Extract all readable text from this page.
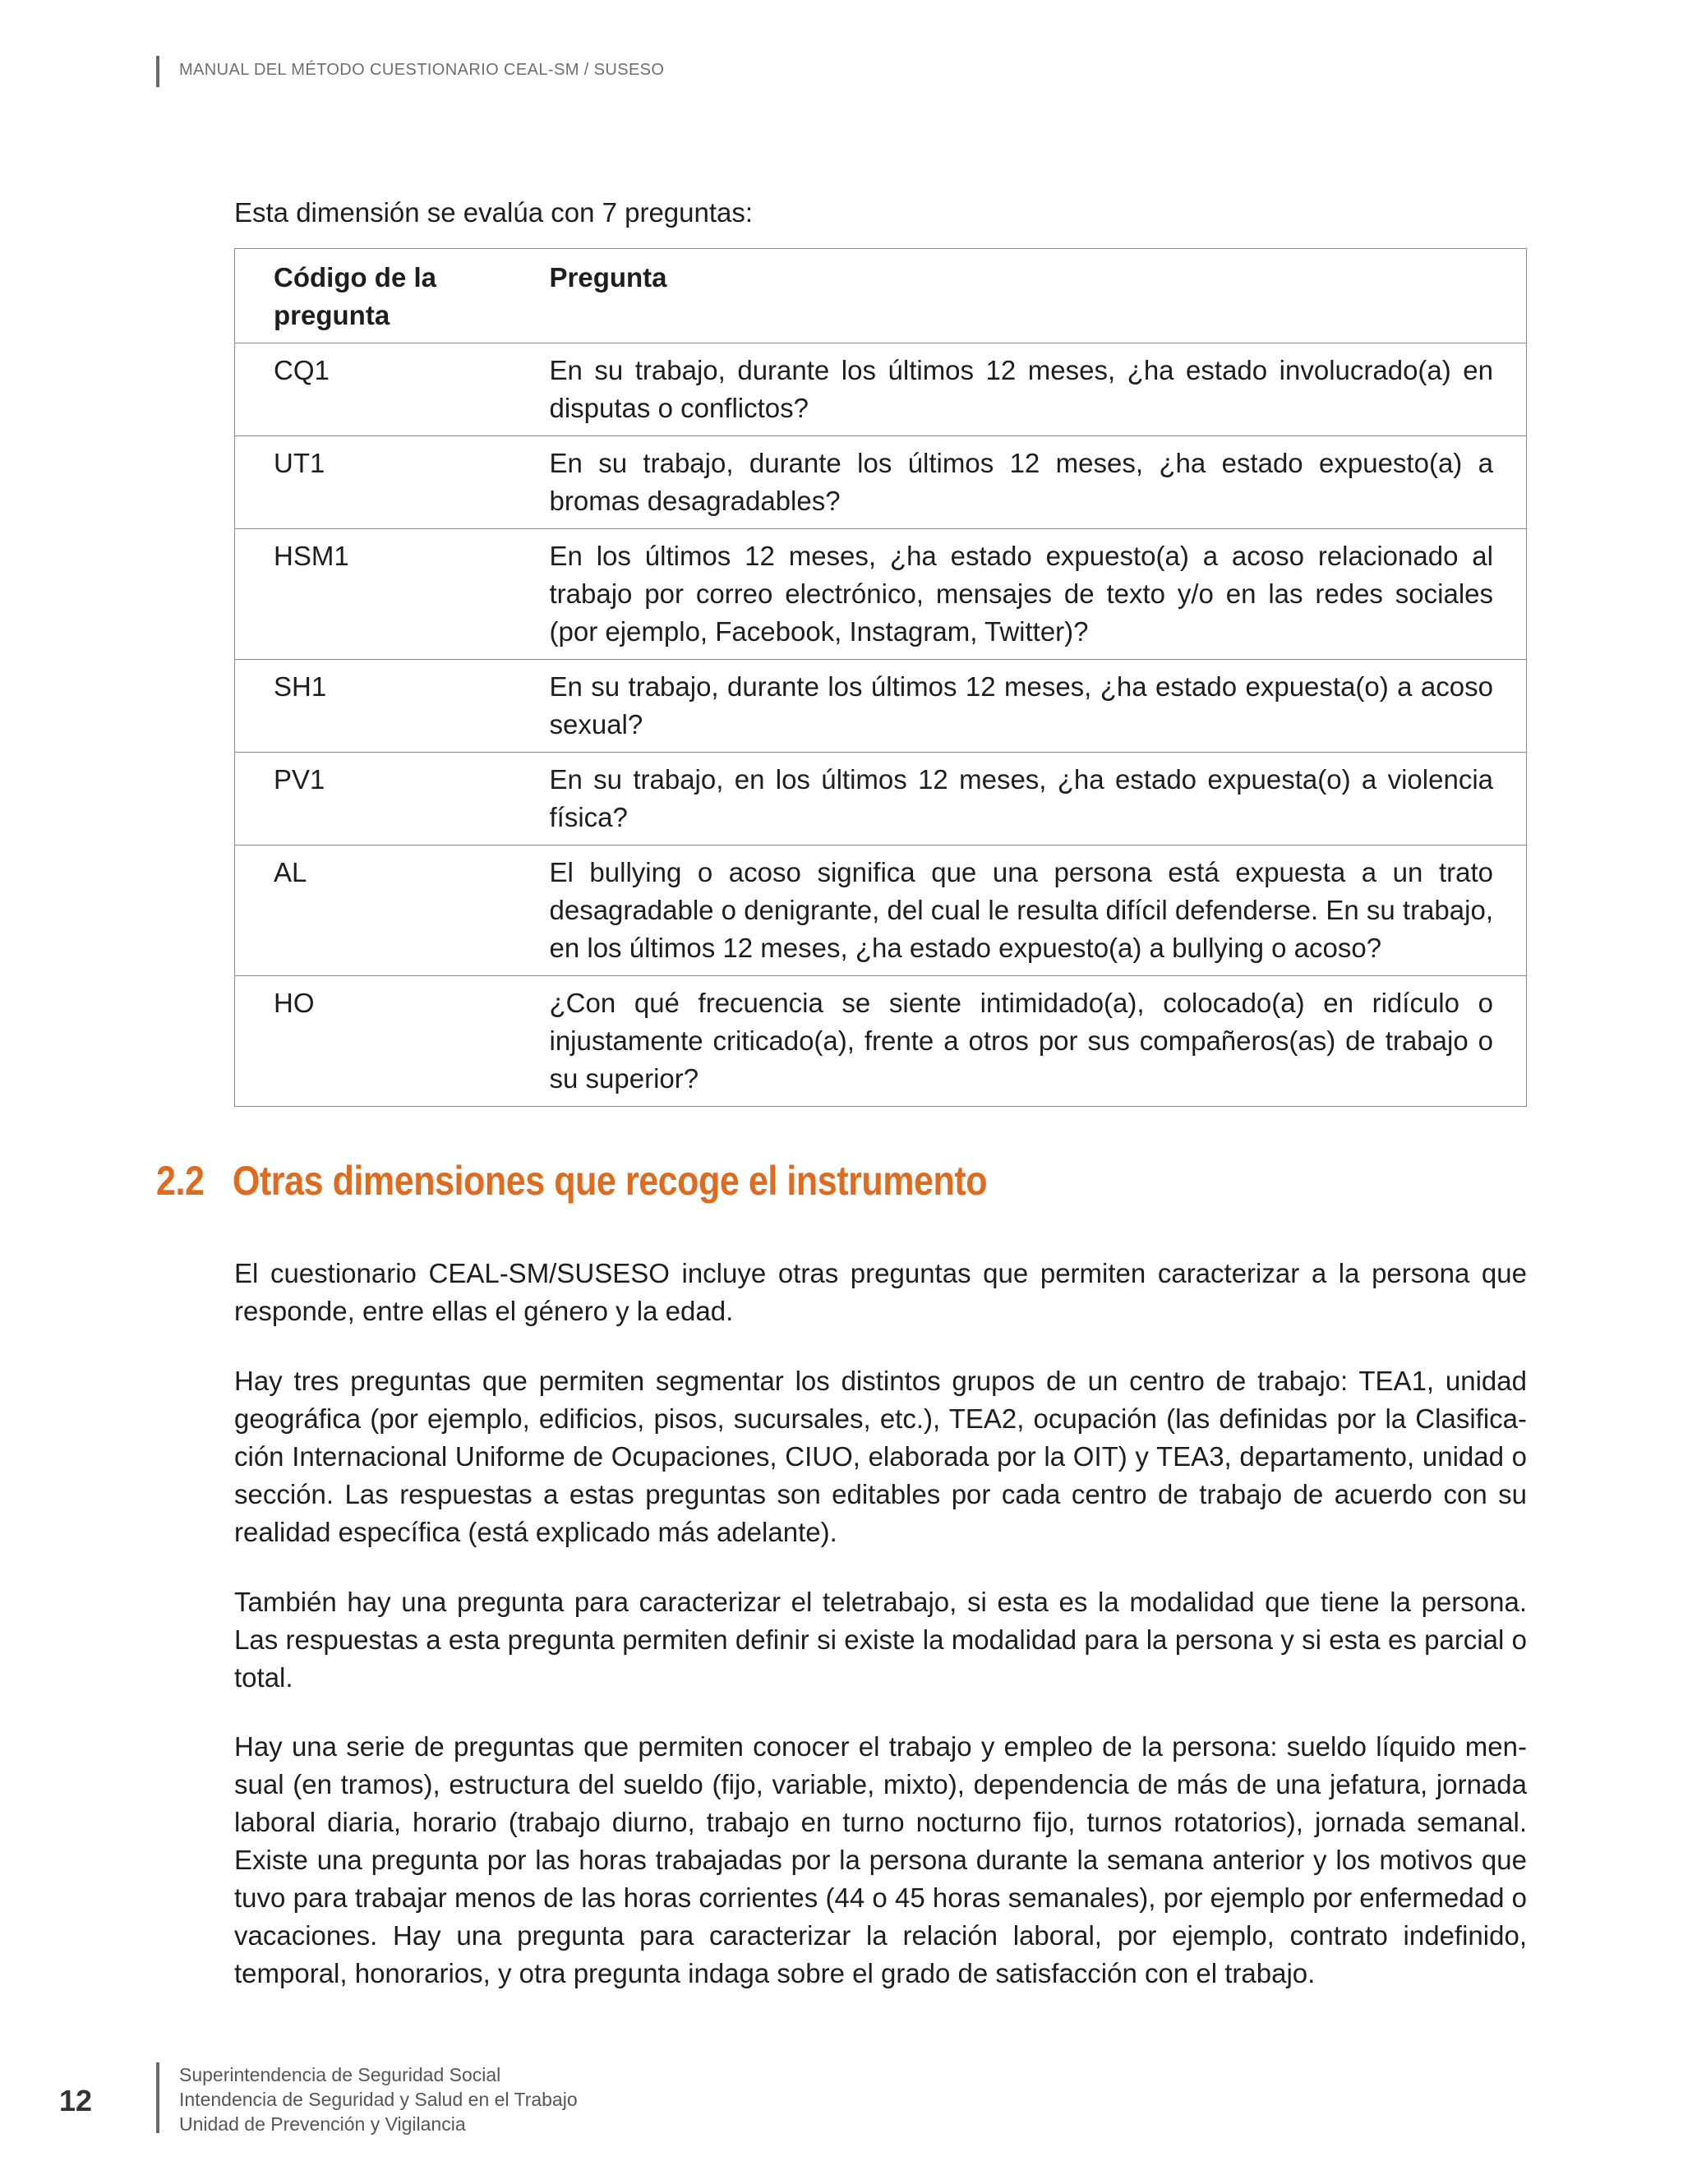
MANUAL DEL MÉTODO CUESTIONARIO CEAL-SM / SUSESO
Esta dimensión se evalúa con 7 preguntas:
Código de la pregunta	Pregunta
CQ1	En su trabajo, durante los últimos 12 meses, ¿ha estado involucrado(a) en disputas o conflictos?
UT1	En su trabajo, durante los últimos 12 meses, ¿ha estado expuesto(a) a bromas desagradables?
HSM1	En los últimos 12 meses, ¿ha estado expuesto(a) a acoso relacionado al trabajo por correo electrónico, mensajes de texto y/o en las redes sociales (por ejemplo, Facebook, Instagram, Twitter)?
SH1	En su trabajo, durante los últimos 12 meses, ¿ha estado expuesta(o) a acoso sexual?
PV1	En su trabajo, en los últimos 12 meses, ¿ha estado expuesta(o) a violencia física?
AL	El bullying o acoso significa que una persona está expuesta a un trato desagradable o denigrante, del cual le resulta difícil defenderse. En su trabajo, en los últimos 12 meses, ¿ha estado expuesto(a) a bullying o acoso?
HO	¿Con qué frecuencia se siente intimidado(a), colocado(a) en ridículo o injustamente criticado(a), frente a otros por sus compañeros(as) de trabajo o su superior?
2.2 Otras dimensiones que recoge el instrumento

El cuestionario CEAL-SM/SUSESO incluye otras preguntas que permiten caracterizar a la persona que responde, entre ellas el género y la edad.

Hay tres preguntas que permiten segmentar los distintos grupos de un centro de trabajo: TEA1, unidad geográfica (por ejemplo, edificios, pisos, sucursales, etc.), TEA2, ocupación (las definidas por la Clasifica-ción Internacional Uniforme de Ocupaciones, CIUO, elaborada por la OIT) y TEA3, departamento, unidad o sección. Las respuestas a estas preguntas son editables por cada centro de trabajo de acuerdo con su realidad específica (está explicado más adelante).

También hay una pregunta para caracterizar el teletrabajo, si esta es la modalidad que tiene la persona. Las respuestas a esta pregunta permiten definir si existe la modalidad para la persona y si esta es parcial o total.

Hay una serie de preguntas que permiten conocer el trabajo y empleo de la persona: sueldo líquido men-sual (en tramos), estructura del sueldo (fijo, variable, mixto), dependencia de más de una jefatura, jornada laboral diaria, horario (trabajo diurno, trabajo en turno nocturno fijo, turnos rotatorios), jornada semanal. Existe una pregunta por las horas trabajadas por la persona durante la semana anterior y los motivos que tuvo para trabajar menos de las horas corrientes (44 o 45 horas semanales), por ejemplo por enfermedad o vacaciones. Hay una pregunta para caracterizar la relación laboral, por ejemplo, contrato indefinido, temporal, honorarios, y otra pregunta indaga sobre el grado de satisfacción con el trabajo.

12
Superintendencia de Seguridad Social
Intendencia de Seguridad y Salud en el Trabajo
Unidad de Prevención y Vigilancia
